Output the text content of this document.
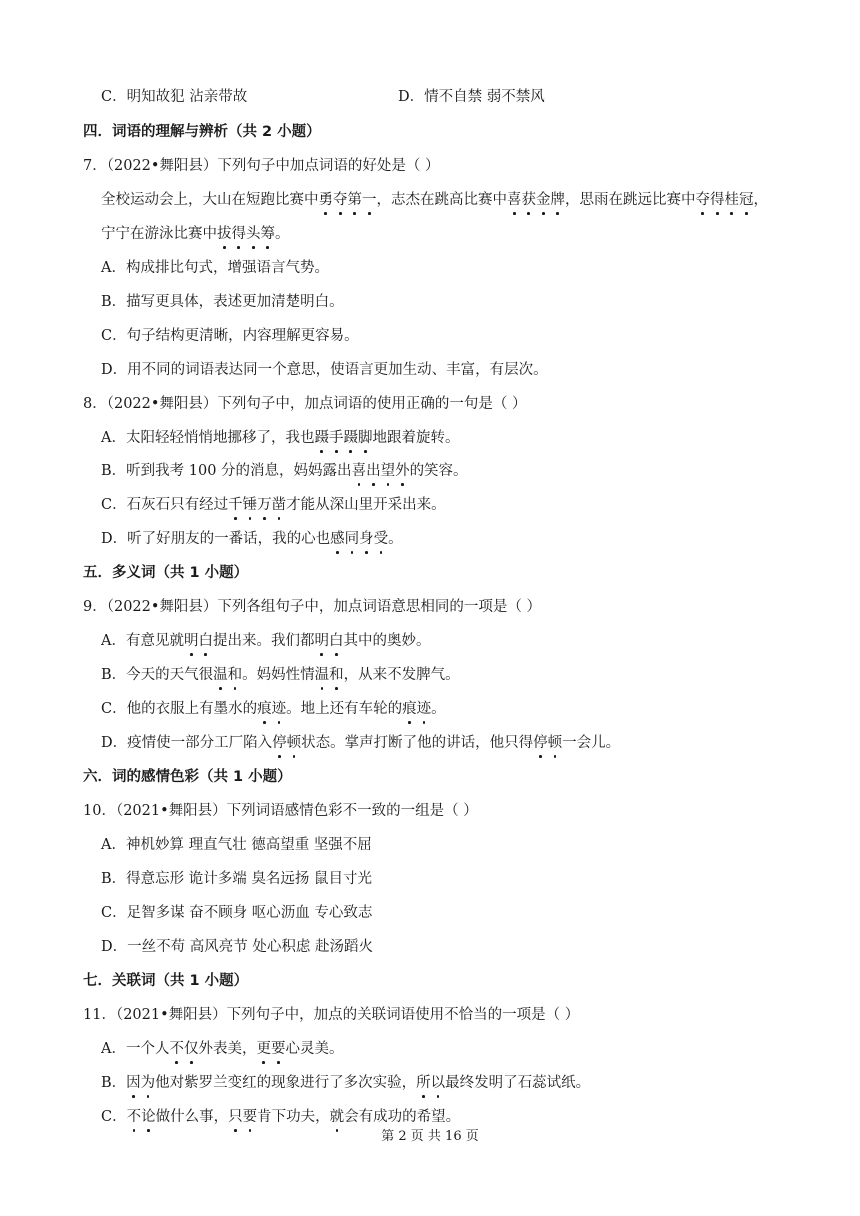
C．明知故犯 沾亲带故	D．情不自禁 弱不禁风
四．词语的理解与辨析（共 2 小题）
7．（2022•舞阳县）下列句子中加点词语的好处是（ ）
全校运动会上，大山在短跑比赛中勇夺第一，志杰在跳高比赛中喜获金牌，思雨在跳远比赛中夺得桂冠，
宁宁在游泳比赛中拔得头筹。
A．构成排比句式，增强语言气势。
B．描写更具体，表述更加清楚明白。
C．句子结构更清晰，内容理解更容易。
D．用不同的词语表达同一个意思，使语言更加生动、丰富，有层次。
8．（2022•舞阳县）下列句子中，加点词语的使用正确的一句是（ ）
A．太阳轻轻悄悄地挪移了，我也蹑手蹑脚地跟着旋转。
B．听到我考 100 分的消息，妈妈露出喜出望外的笑容。
C．石灰石只有经过千锤万凿才能从深山里开采出来。
D．听了好朋友的一番话，我的心也感同身受。
五．多义词（共 1 小题）
9．（2022•舞阳县）下列各组句子中，加点词语意思相同的一项是（ ）
A．有意见就明白提出来。我们都明白其中的奥妙。
B．今天的天气很温和。妈妈性情温和，从来不发脾气。
C．他的衣服上有墨水的痕迹。地上还有车轮的痕迹。
D．疫情使一部分工厂陷入停顿状态。掌声打断了他的讲话，他只得停顿一会儿。
六．词的感情色彩（共 1 小题）
10．（2021•舞阳县）下列词语感情色彩不一致的一组是（ ）
A．神机妙算 理直气壮 德高望重 坚强不屈
B．得意忘形 诡计多端 臭名远扬 鼠目寸光
C．足智多谋 奋不顾身 呕心沥血 专心致志
D．一丝不苟 高风亮节 处心积虑 赴汤蹈火
七．关联词（共 1 小题）
11．（2021•舞阳县）下列句子中，加点的关联词语使用不恰当的一项是（ ）
A．一个人不仅外表美，更要心灵美。
B．因为他对紫罗兰变红的现象进行了多次实验，所以最终发明了石蕊试纸。
C．不论做什么事，只要肯下功夫，就会有成功的希望。
第 2 页 共 16 页
